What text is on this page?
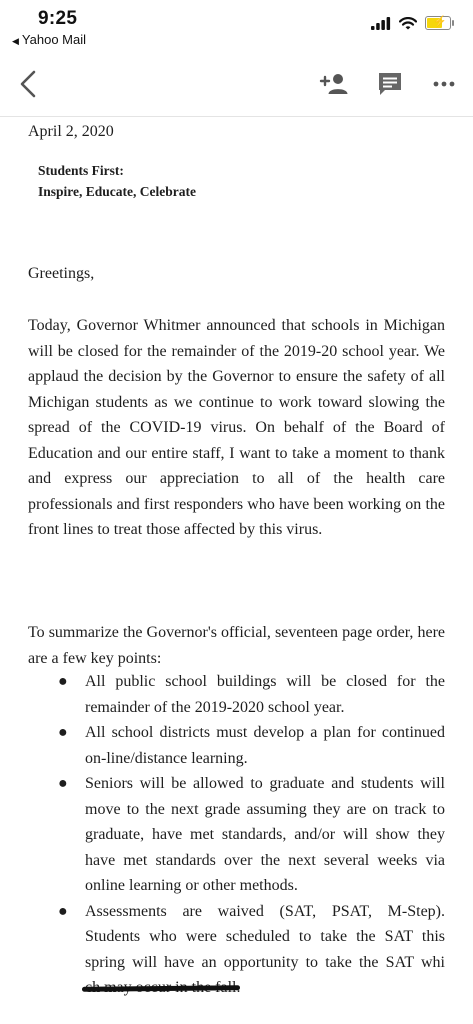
9:25
◀ Yahoo Mail
⚡
April 2, 2020
Students First:
Inspire, Educate, Celebrate
Greetings,

Today, Governor Whitmer announced that schools in Michigan will be closed for the remainder of the 2019-20 school year. We applaud the decision by the Governor to ensure the safety of all Michigan students as we continue to work toward slowing the spread of the COVID-19 virus. On behalf of the Board of Education and our entire staff, I want to take a moment to thank and express our appreciation to all of the health care professionals and first responders who have been working on the front lines to treat those affected by this virus.

To summarize the Governor's official, seventeen page order, here are a few key points:

● All public school buildings will be closed for the remainder of the 2019-2020 school year.
● All school districts must develop a plan for continued on-line/distance learning.
● Seniors will be allowed to graduate and students will move to the next grade assuming they are on track to graduate, have met standards, and/or will show they have met standards over the next several weeks via online learning or other methods.
● Assessments are waived (SAT, PSAT, M-Step). Students who were scheduled to take the SAT this spring will have an opportunity to take the SAT whi
